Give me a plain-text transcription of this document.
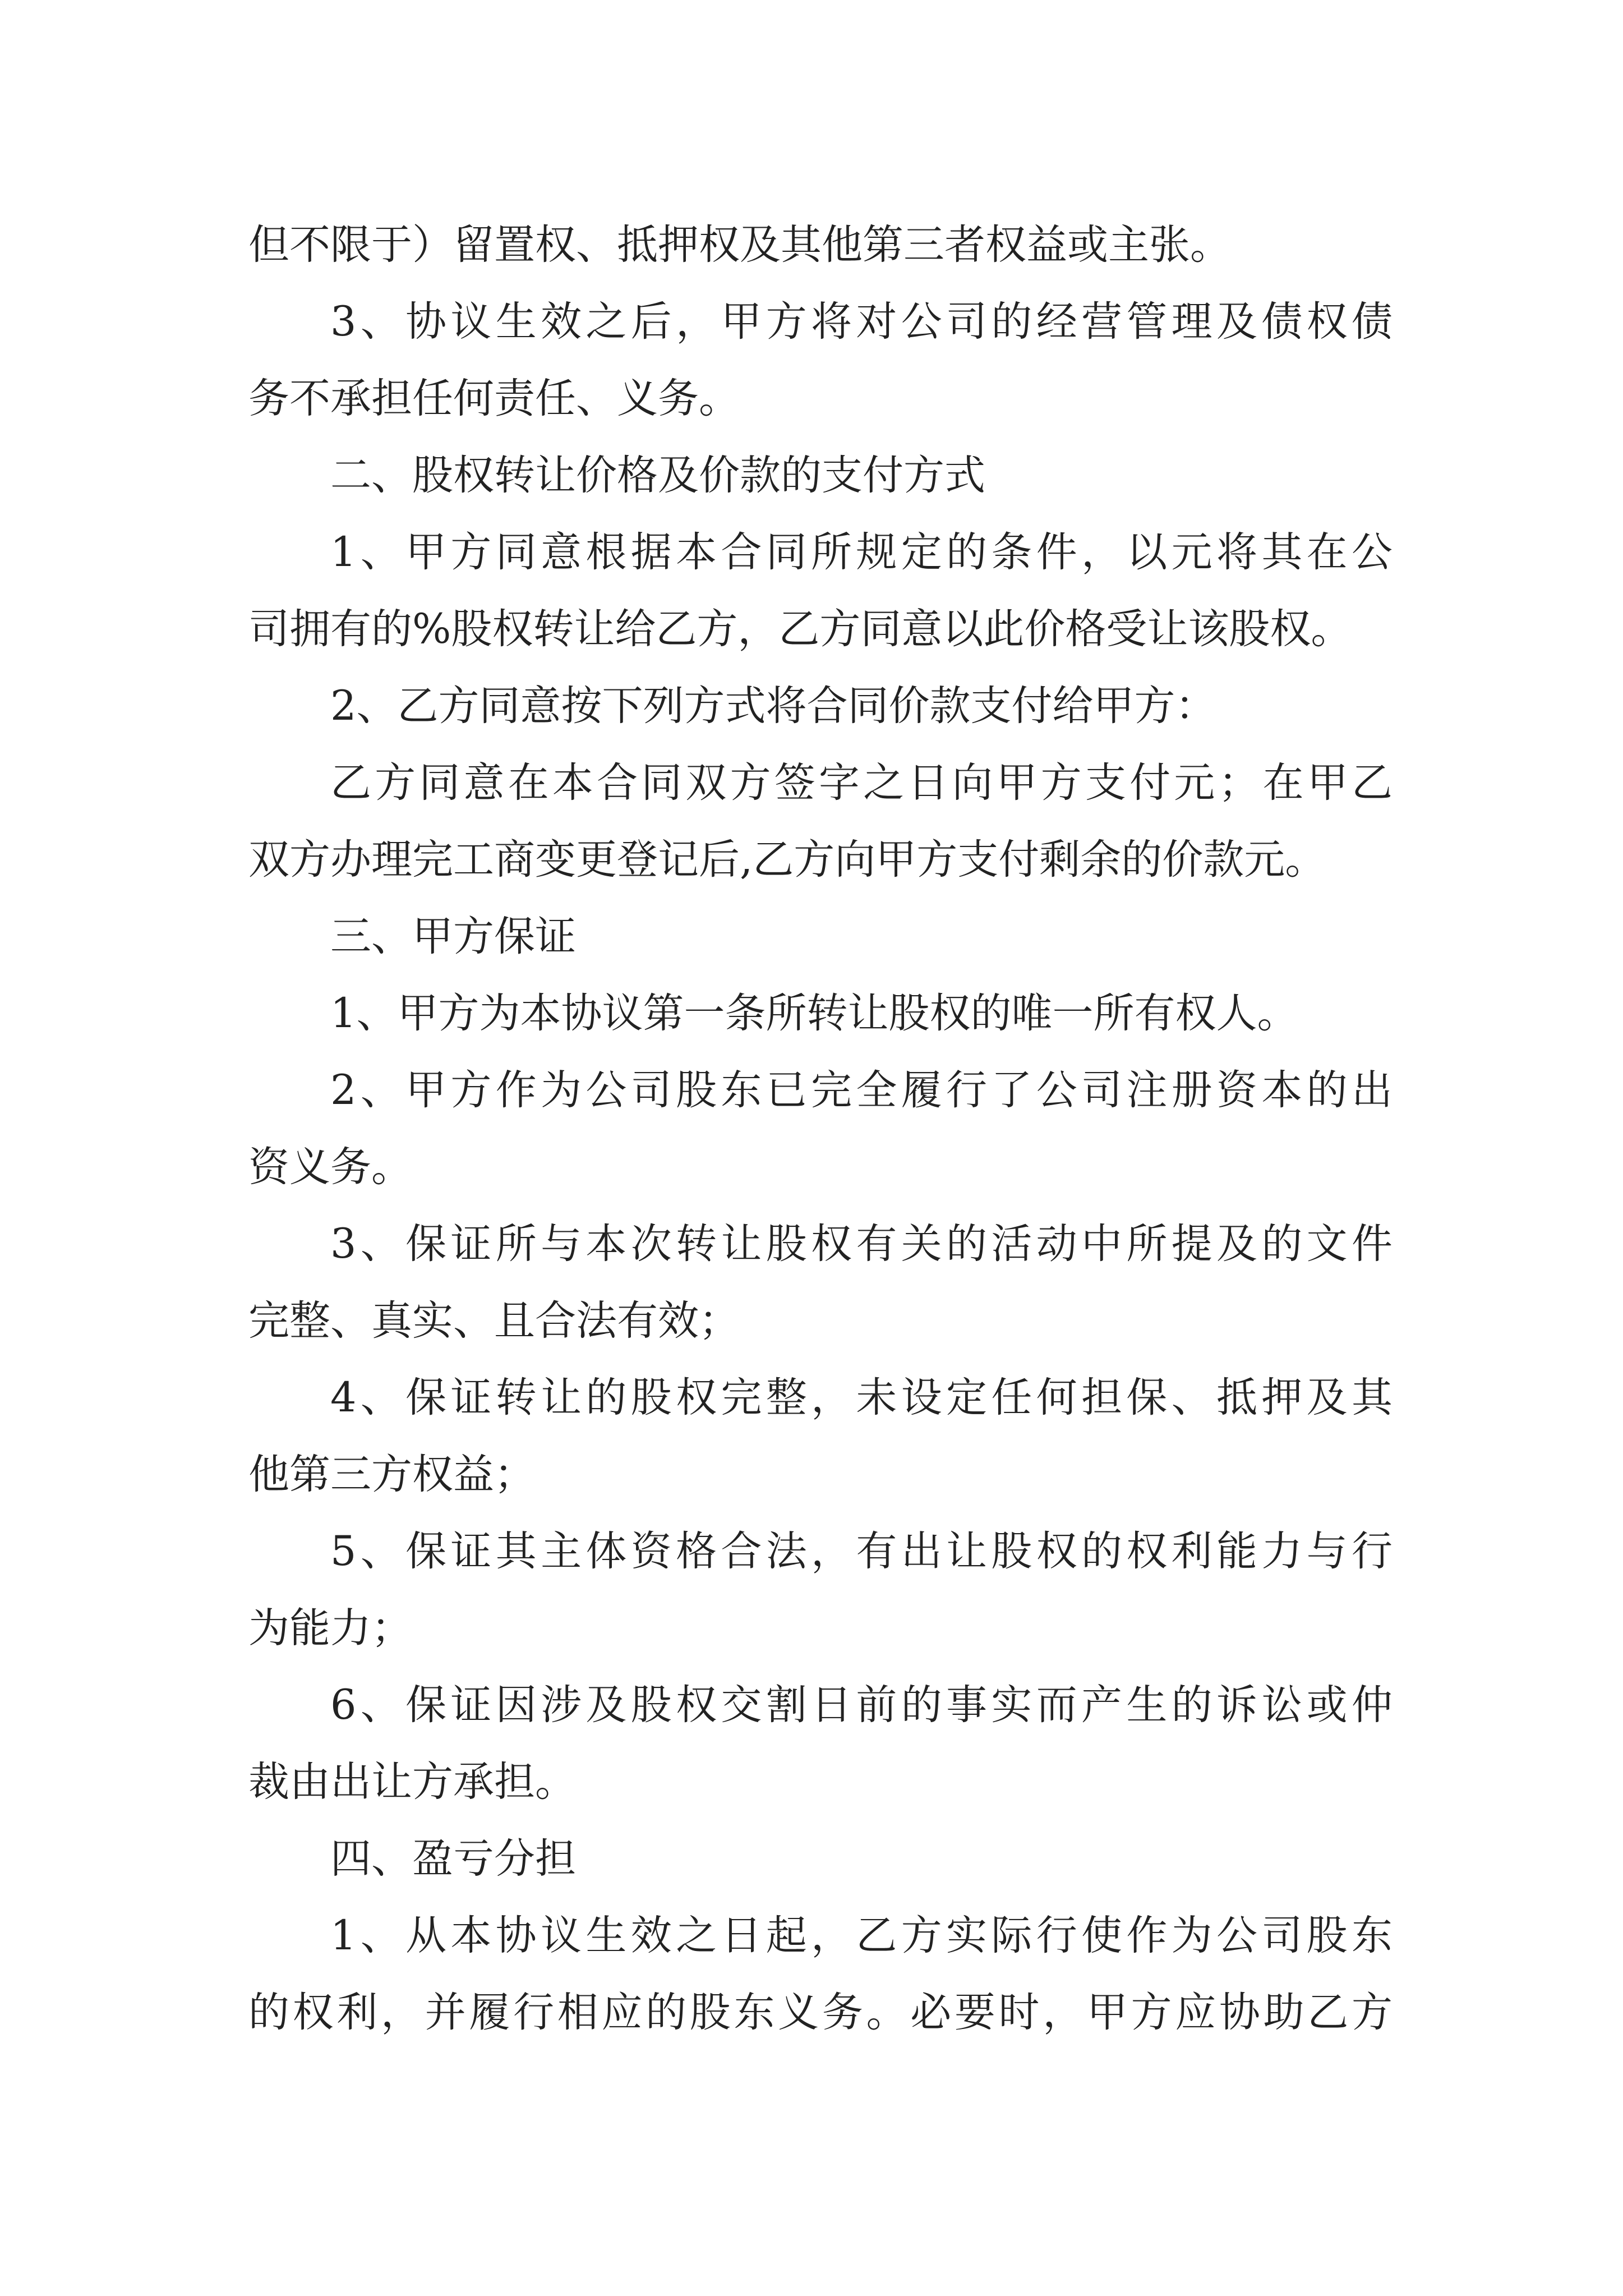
但不限于）留置权、抵押权及其他第三者权益或主张。
3、协议生效之后，甲方将对公司的经营管理及债权债
务不承担任何责任、义务。
二、股权转让价格及价款的支付方式
1、甲方同意根据本合同所规定的条件，以元将其在公
司拥有的%股权转让给乙方，乙方同意以此价格受让该股权。
2、乙方同意按下列方式将合同价款支付给甲方：
乙方同意在本合同双方签字之日向甲方支付元；在甲乙
双方办理完工商变更登记后,乙方向甲方支付剩余的价款元。
三、甲方保证
1、甲方为本协议第一条所转让股权的唯一所有权人。
2、甲方作为公司股东已完全履行了公司注册资本的出
资义务。
3、保证所与本次转让股权有关的活动中所提及的文件
完整、真实、且合法有效；
4、保证转让的股权完整，未设定任何担保、抵押及其
他第三方权益；
5、保证其主体资格合法，有出让股权的权利能力与行
为能力；
6、保证因涉及股权交割日前的事实而产生的诉讼或仲
裁由出让方承担。
四、盈亏分担
1、从本协议生效之日起，乙方实际行使作为公司股东
的权利，并履行相应的股东义务。必要时，甲方应协助乙方
